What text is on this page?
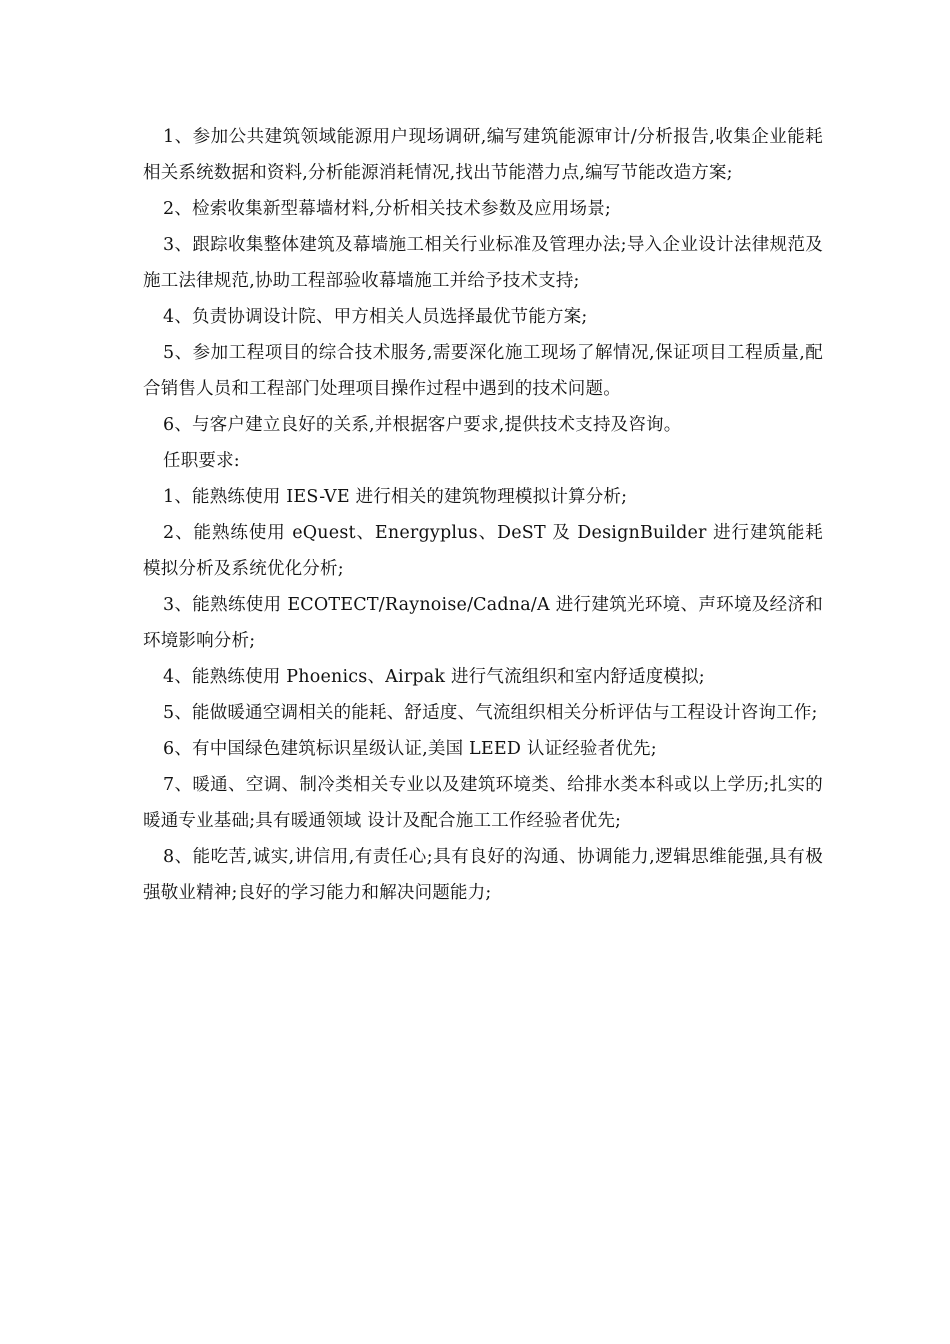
1、参加公共建筑领域能源用户现场调研,编写建筑能源审计/分析报告,收集企业能耗相关系统数据和资料,分析能源消耗情况,找出节能潜力点,编写节能改造方案;

2、检索收集新型幕墙材料,分析相关技术参数及应用场景;

3、跟踪收集整体建筑及幕墙施工相关行业标准及管理办法;导入企业设计法律规范及施工法律规范,协助工程部验收幕墙施工并给予技术支持;

4、负责协调设计院、甲方相关人员选择最优节能方案;

5、参加工程项目的综合技术服务,需要深化施工现场了解情况,保证项目工程质量,配合销售人员和工程部门处理项目操作过程中遇到的技术问题。

6、与客户建立良好的关系,并根据客户要求,提供技术支持及咨询。

任职要求:

1、能熟练使用 IES-VE 进行相关的建筑物理模拟计算分析;

2、能熟练使用 eQuest、Energyplus、DeST 及 DesignBuilder 进行建筑能耗模拟分析及系统优化分析;

3、能熟练使用 ECOTECT/Raynoise/Cadna/A 进行建筑光环境、声环境及经济和环境影响分析;

4、能熟练使用 Phoenics、Airpak 进行气流组织和室内舒适度模拟;

5、能做暖通空调相关的能耗、舒适度、气流组织相关分析评估与工程设计咨询工作;

6、有中国绿色建筑标识星级认证,美国 LEED 认证经验者优先;

7、暖通、空调、制冷类相关专业以及建筑环境类、给排水类本科或以上学历;扎实的暖通专业基础;具有暖通领域 设计及配合施工工作经验者优先;

8、能吃苦,诚实,讲信用,有责任心;具有良好的沟通、协调能力,逻辑思维能强,具有极强敬业精神;良好的学习能力和解决问题能力;
